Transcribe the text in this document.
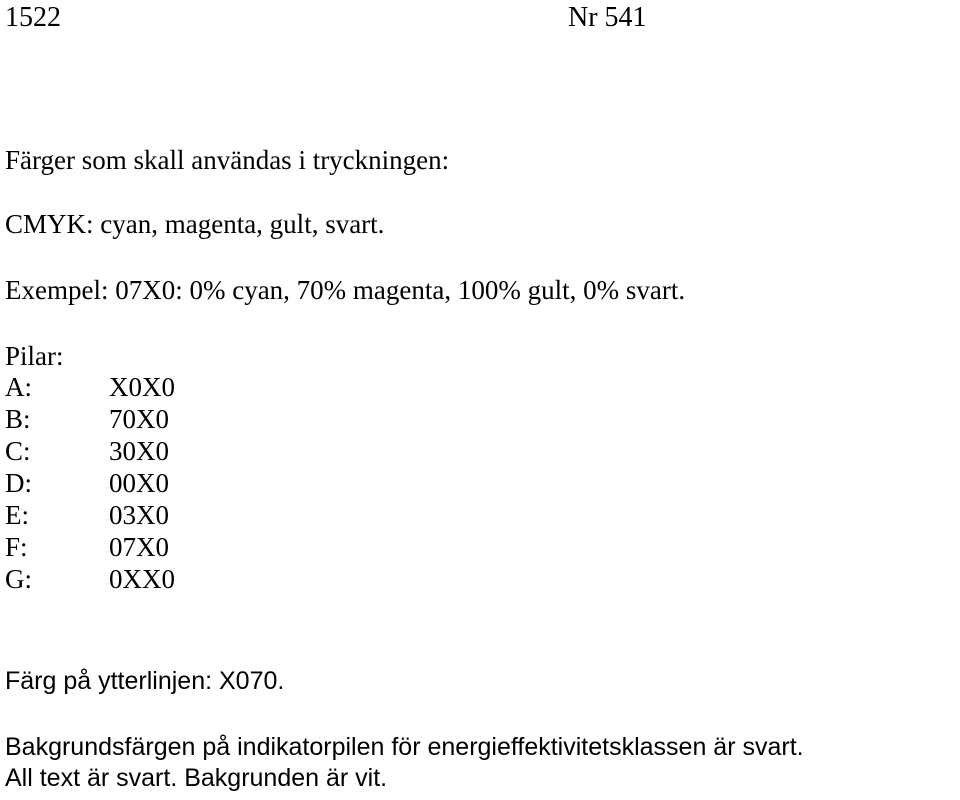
1522	Nr 541
Färger som skall användas i tryckningen:
CMYK: cyan, magenta, gult, svart.
Exempel: 07X0: 0% cyan, 70% magenta, 100% gult, 0% svart.
Pilar:
A:	X0X0
B:	70X0
C:	30X0
D:	00X0
E:	03X0
F:	07X0
G:	0XX0
Färg på ytterlinjen: X070.
Bakgrundsfärgen på indikatorpilen för energieffektivitetsklassen är svart.
All text är svart. Bakgrunden är vit.
